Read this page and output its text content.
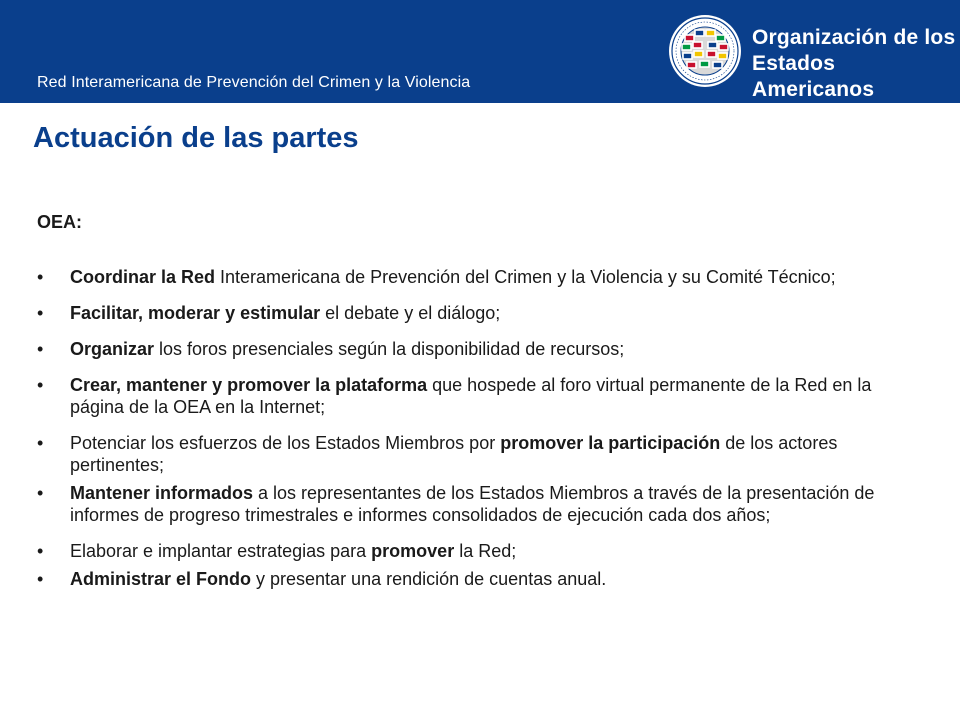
Red Interamericana de Prevención del Crimen y la Violencia
Organización de los
Estados Americanos
Actuación de las partes
OEA:
• Coordinar la Red Interamericana de Prevención del Crimen y la Violencia y su Comité Técnico;
• Facilitar, moderar y estimular el debate y el diálogo;
• Organizar los foros presenciales según la disponibilidad de recursos;
• Crear, mantener y promover la plataforma que hospede al foro virtual permanente de la Red en la página de la OEA en la Internet;
• Potenciar los esfuerzos de los Estados Miembros por promover la participación de los actores pertinentes;
• Mantener informados a los representantes de los Estados Miembros a través de la presentación de informes de progreso trimestrales e informes consolidados de ejecución cada dos años;
• Elaborar e implantar estrategias para promover la Red;
• Administrar el Fondo y presentar una rendición de cuentas anual.
